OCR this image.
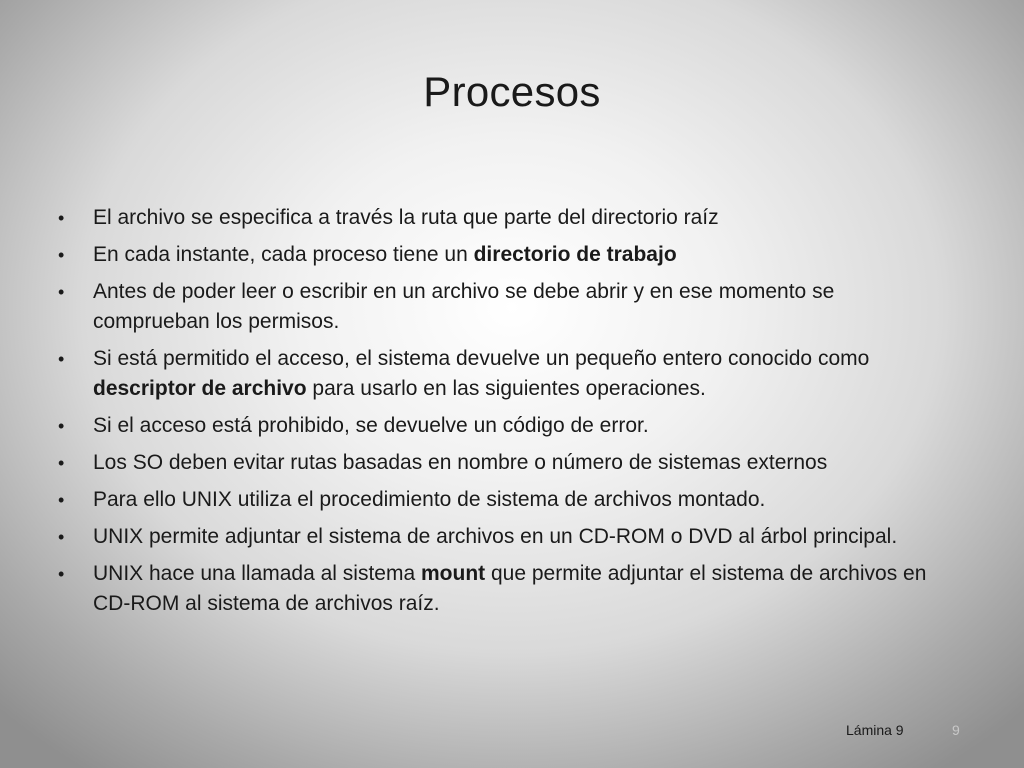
Procesos
• El archivo se especifica a través la ruta que parte del directorio raíz
• En cada instante, cada proceso tiene un directorio de trabajo
• Antes de poder leer o escribir en un archivo se debe abrir y en ese momento se comprueban los permisos.
• Si está permitido el acceso, el sistema devuelve un pequeño entero conocido como descriptor de archivo para usarlo en las siguientes operaciones.
• Si el acceso está prohibido, se devuelve un código de error.
• Los SO deben evitar rutas basadas en nombre o número de sistemas externos
• Para ello UNIX utiliza el procedimiento de sistema de archivos montado.
• UNIX permite adjuntar el sistema de archivos en un CD-ROM o DVD al árbol principal.
• UNIX hace una llamada al sistema mount que permite adjuntar el sistema de archivos en CD-ROM al sistema de archivos raíz.
Lámina 9	9
